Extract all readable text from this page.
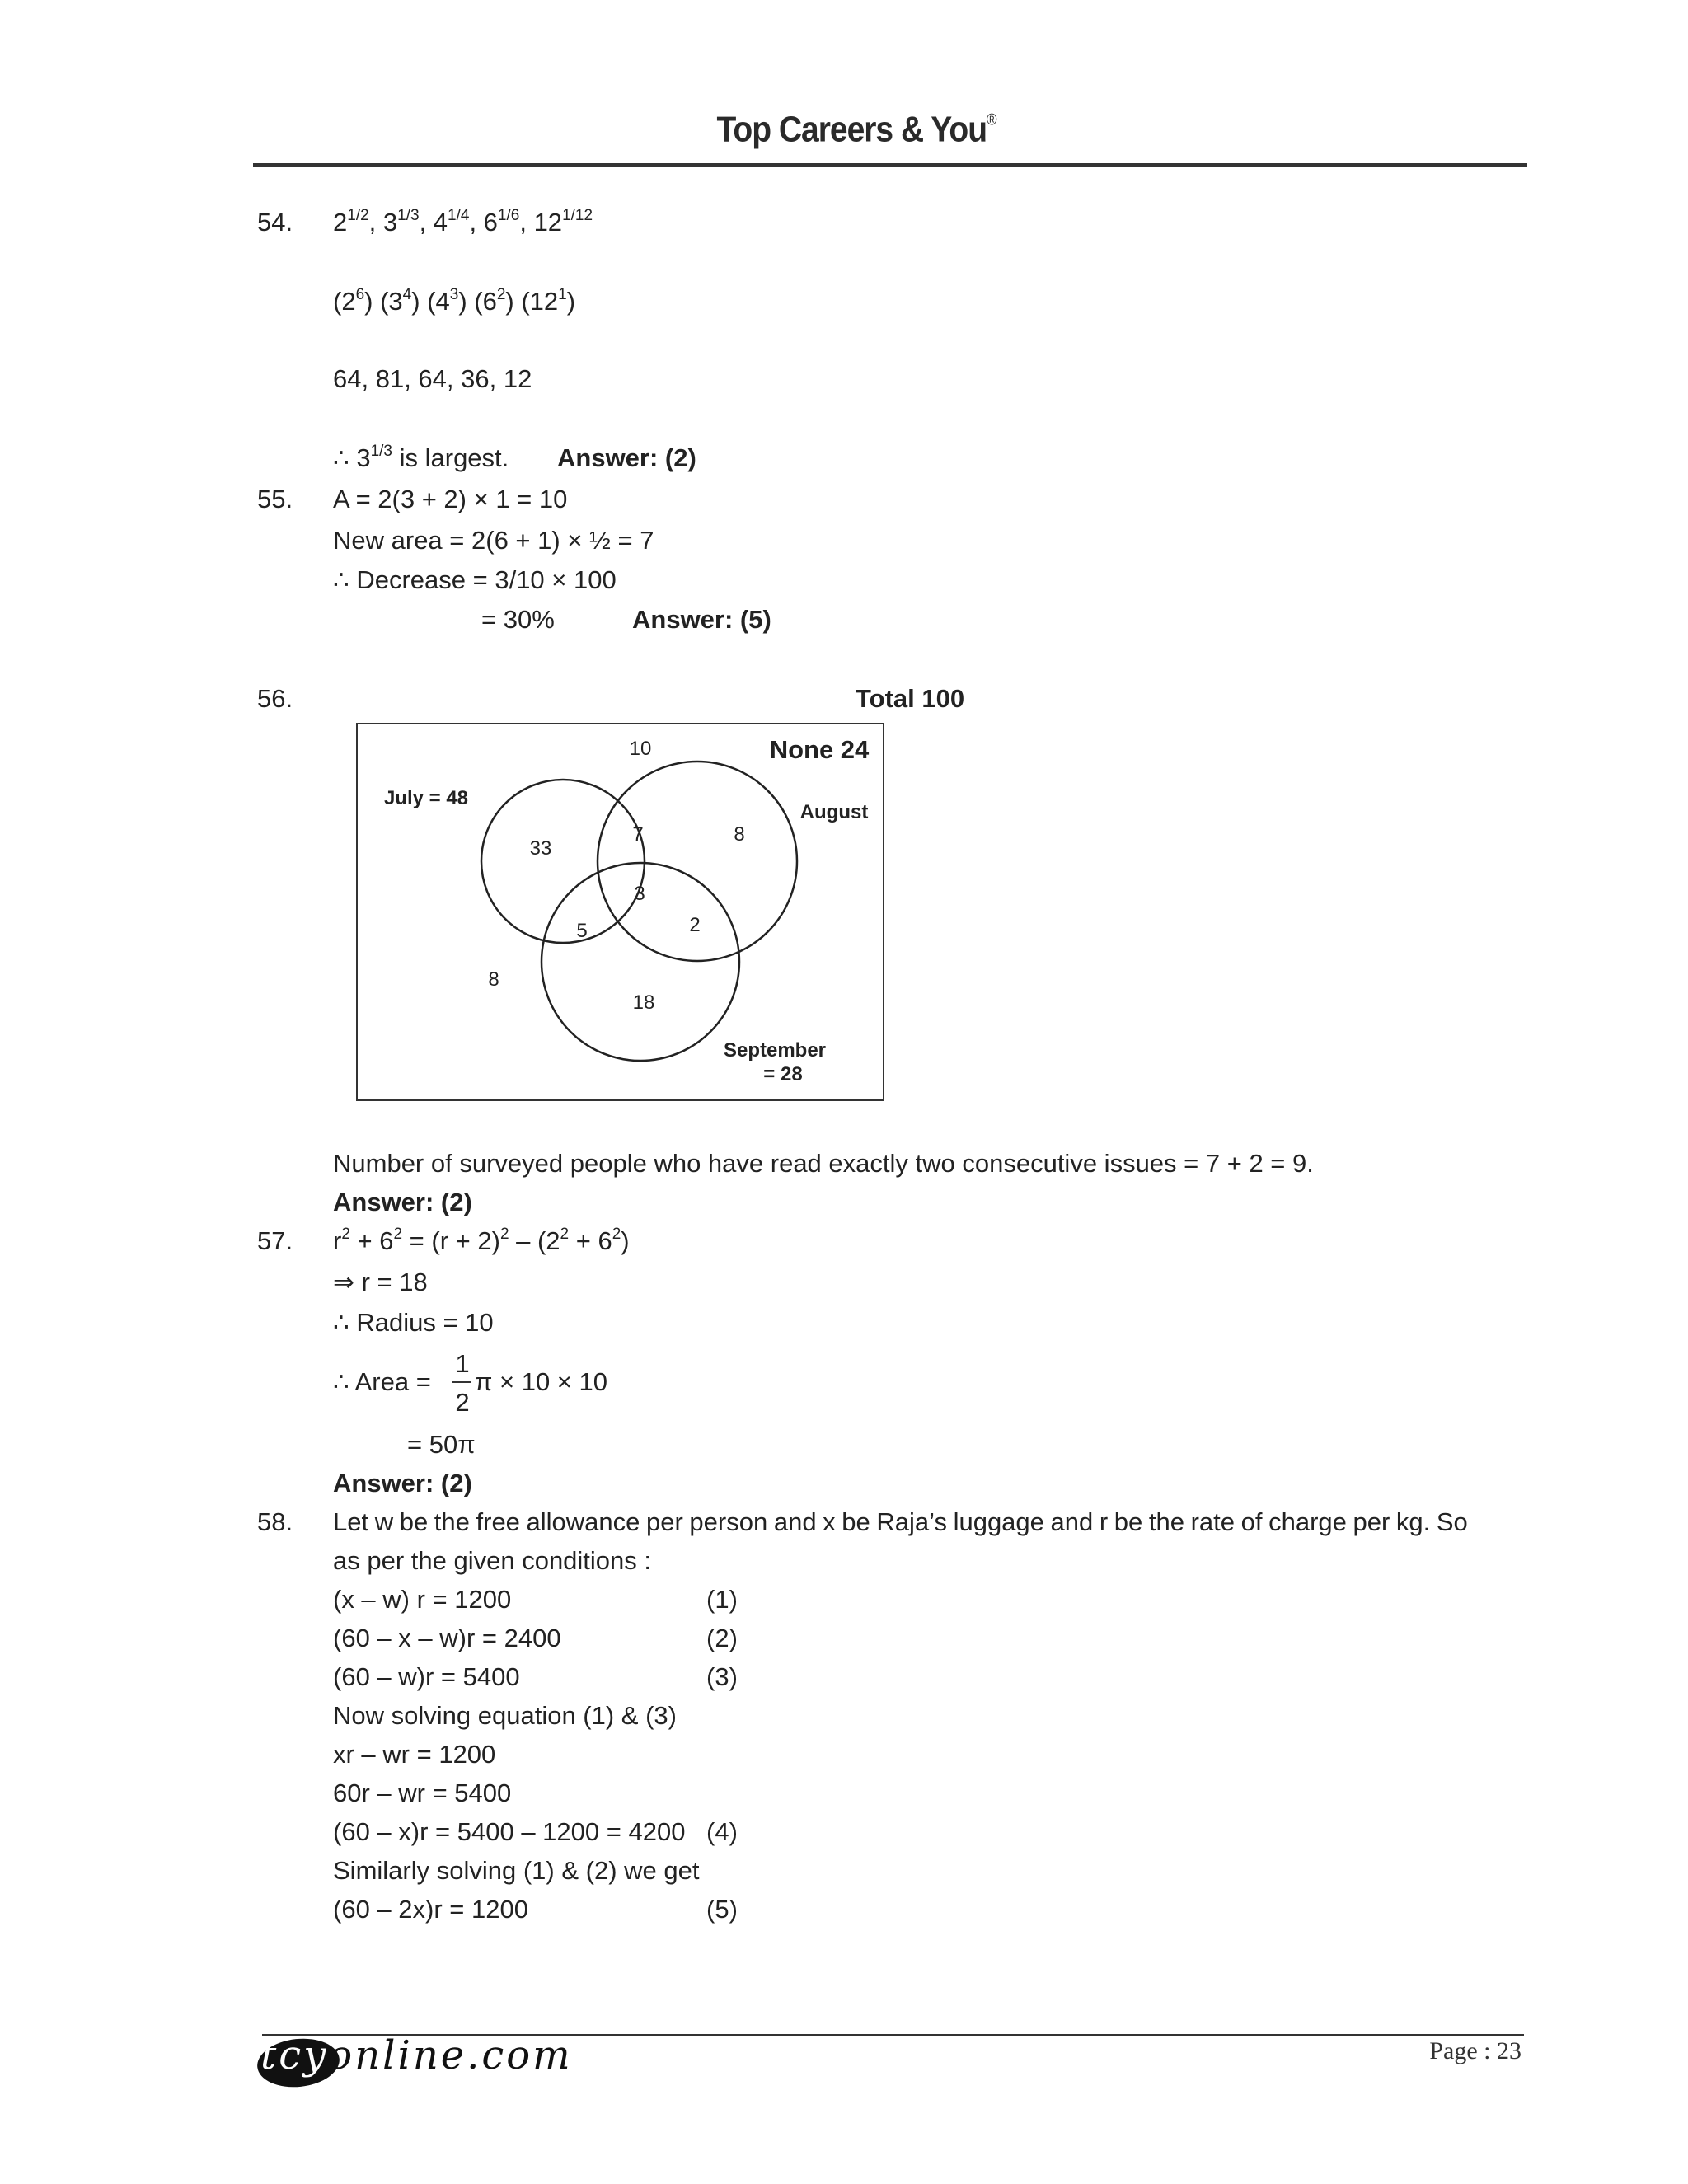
Top Careers & You®
54. $2^{1/2}$, $3^{1/3}$, $4^{1/4}$, $6^{1/6}$, $12^{1/12}$
$(2^6)$ $(3^4)$ $(4^3)$ $(6^2)$ $(12^1)$
64, 81, 64, 36, 12
∴ $3^{1/3}$ is largest. Answer: (2)
55. A = 2(3 + 2) × 1 = 10
New area = 2(6 + 1) × ½ = 7
∴ Decrease = 3/10 × 100
= 30%	Answer: (5)
56.	Total 100
None 24
10
July = 48
August
33
7	8
3
5	2
8
18
September
= 28
Number of surveyed people who have read exactly two consecutive issues = 7 + 2 = 9.
Answer: (2)
57. $r^2 + 6^2 = (r + 2)^2 - (2^2 + 6^2)$
⇒ r = 18
∴ Radius = 10
∴ Area =
1
2
π × 10 × 10
= 50π
Answer: (2)
58. Let w be the free allowance per person and x be Raja’s luggage and r be the rate of charge per kg. So
as per the given conditions :
(x – w) r = 1200	(1)
(60 – x – w)r = 2400	(2)
(60 – w)r = 5400	(3)
Now solving equation (1) & (3)
xr – wr = 1200
60r – wr = 5400
(60 – x)r = 5400 – 1200 = 4200 (4)
Similarly solving (1) & (2) we get
(60 – 2x)r = 1200	(5)
tcyonline.com	Page : 23
